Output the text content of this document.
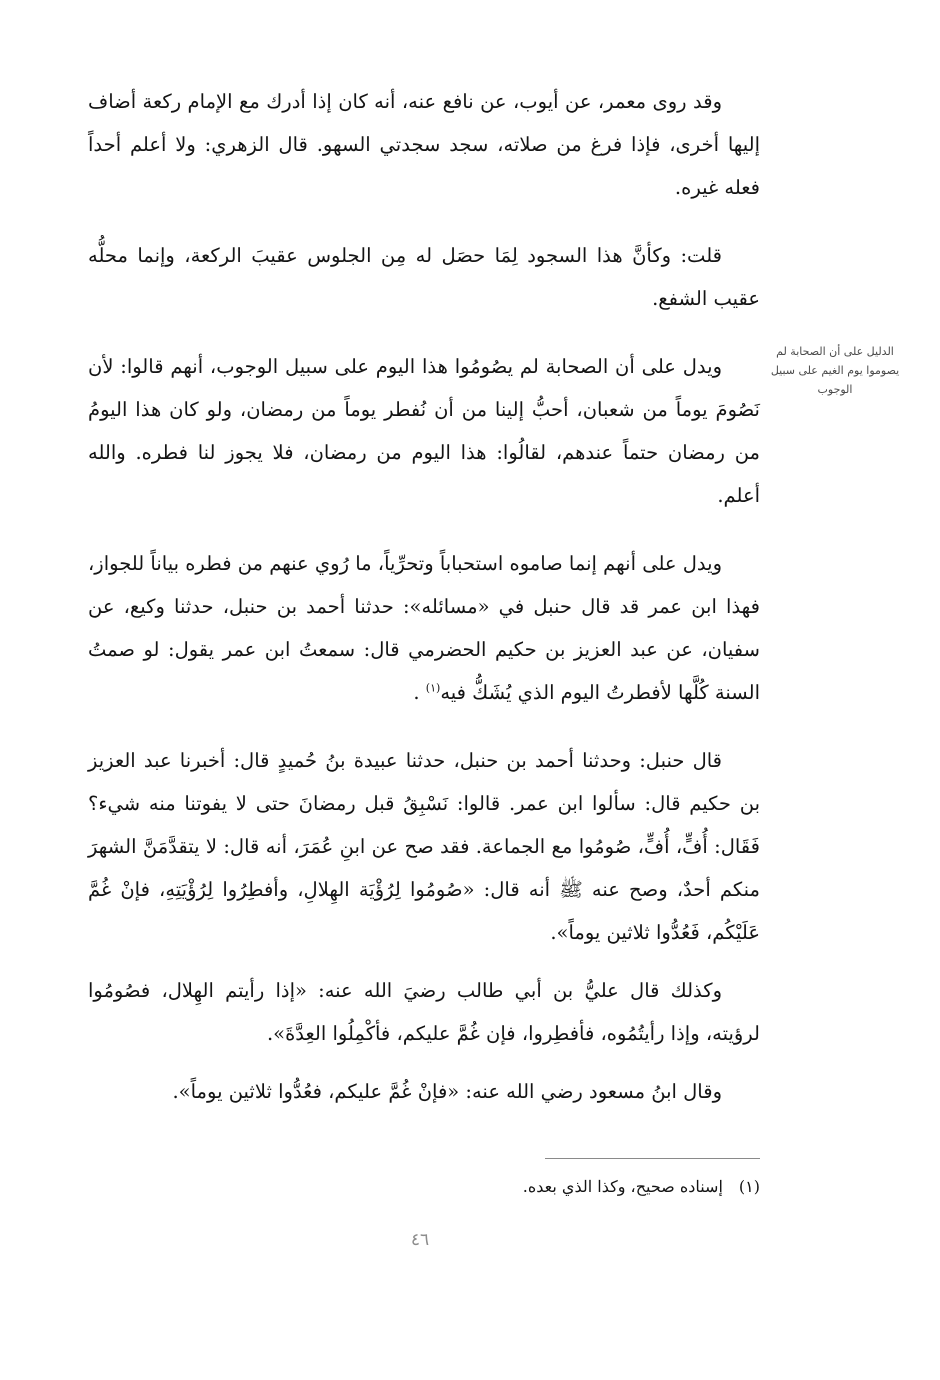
الدليل على أن الصحابة لم يصوموا يوم الغيم على سبيل الوجوب

وقد روى معمر، عن أيوب، عن نافع عنه، أنه كان إذا أدرك مع الإمام ركعة أضاف إليها أخرى، فإذا فرغ من صلاته، سجد سجدتي السهو. قال الزهري: ولا أعلم أحداً فعله غيره.

قلت: وكأنَّ هذا السجود لِمَا حصَل له مِن الجلوس عقيبَ الركعة، وإنما محلُّه عقيب الشفع.

ويدل على أن الصحابة لم يصُومُوا هذا اليوم على سبيل الوجوب، أنهم قالوا: لأن نَصُومَ يوماً من شعبان، أحبُّ إلينا من أن نُفطر يوماً من رمضان، ولو كان هذا اليومُ من رمضان حتماً عندهم، لقالُوا: هذا اليوم من رمضان، فلا يجوز لنا فطره. والله أعلم.

ويدل على أنهم إنما صاموه استحباباً وتحرِّياً، ما رُوي عنهم من فطره بياناً للجواز، فهذا ابن عمر قد قال حنبل في «مسائله»: حدثنا أحمد بن حنبل، حدثنا وكيع، عن سفيان، عن عبد العزيز بن حكيم الحضرمي قال: سمعتُ ابن عمر يقول: لو صمتُ السنة كُلَّها لأفطرتُ اليوم الذي يُشَكُّ فيه$^{(١)}$ .

قال حنبل: وحدثنا أحمد بن حنبل، حدثنا عبيدة بنُ حُميدٍ قال: أخبرنا عبد العزيز بن حكيم قال: سألوا ابن عمر. قالوا: نَسْبِقُ قبل رمضانَ حتى لا يفوتنا منه شيء؟ فَقَال: أُفٍّ، أُفٍّ، صُومُوا مع الجماعة. فقد صح عن ابنِ عُمَرَ، أنه قال: لا يتقدَّمَنَّ الشهرَ منكم أحدٌ، وصح عنه ﷺ أنه قال: «صُومُوا لِرُؤْيَة الهِلالِ، وأفطِرُوا لِرُؤْيَتِهِ، فإنْ غُمَّ عَلَيْكُم، فَعُدُّوا ثلاثين يوماً».

وكذلك قال عليُّ بن أبي طالب رضيَ الله عنه: «إذا رأيتم الهِلال، فصُومُوا لرؤيته، وإذا رأيتُمُوه، فأفطِروا، فإن غُمَّ عليكم، فأكْمِلُوا العِدَّةَ».

وقال ابنُ مسعود رضي الله عنه: «فإنْ غُمَّ عليكم، فعُدُّوا ثلاثين يوماً».

(١)إسناده صحيح، وكذا الذي بعده.
٤٦
